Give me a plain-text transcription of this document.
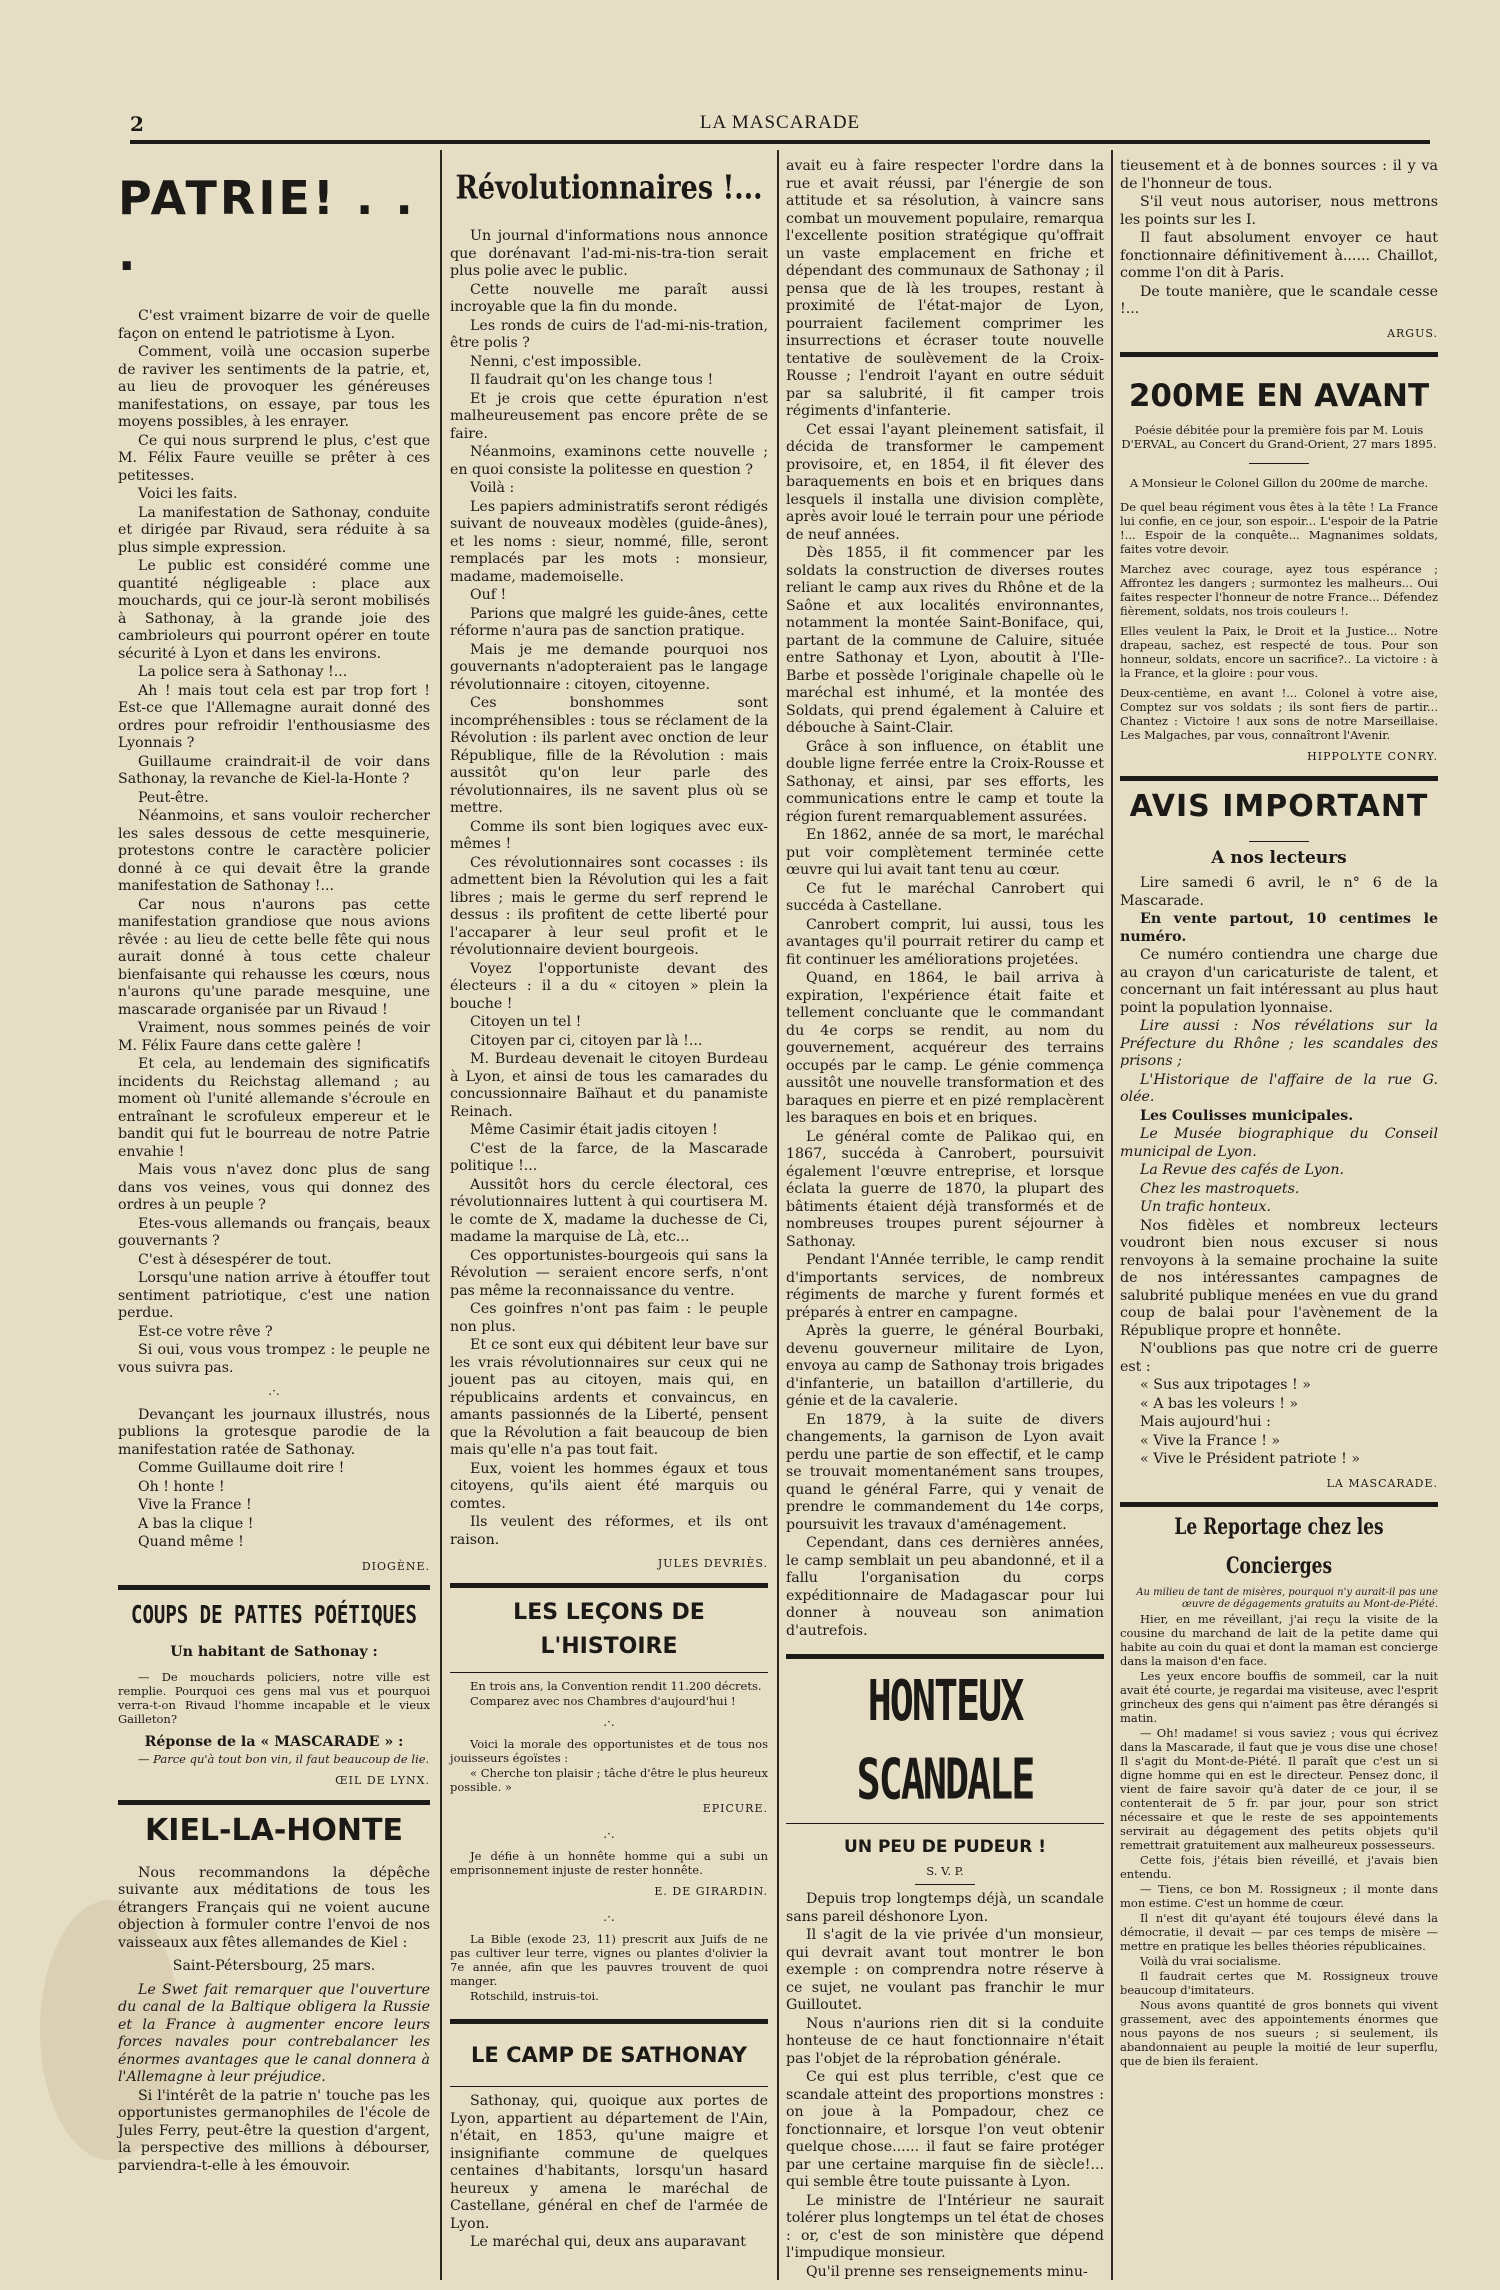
2	LA MASCARADE
PATRIE! . . .

C'est vraiment bizarre de voir de quelle façon on entend le patriotisme à Lyon.

Comment, voilà une occasion superbe de raviver les sentiments de la patrie, et, au lieu de provoquer les généreuses manifestations, on essaye, par tous les moyens possibles, à les enrayer.

Ce qui nous surprend le plus, c'est que M. Félix Faure veuille se prêter à ces petitesses.

Voici les faits.

La manifestation de Sathonay, conduite et dirigée par Rivaud, sera réduite à sa plus simple expression.

Le public est considéré comme une quantité négligeable : place aux mouchards, qui ce jour-là seront mobilisés à Sathonay, à la grande joie des cambrioleurs qui pourront opérer en toute sécurité à Lyon et dans les environs.

La police sera à Sathonay !...

Ah ! mais tout cela est par trop fort ! Est-ce que l'Allemagne aurait donné des ordres pour refroidir l'enthousiasme des Lyonnais ?

Guillaume craindrait-il de voir dans Sathonay, la revanche de Kiel-la-Honte ?

Peut-être.

Néanmoins, et sans vouloir rechercher les sales dessous de cette mesquinerie, protestons contre le caractère policier donné à ce qui devait être la grande manifestation de Sathonay !...

Car nous n'aurons pas cette manifestation grandiose que nous avions rêvée : au lieu de cette belle fête qui nous aurait donné à tous cette chaleur bienfaisante qui rehausse les cœurs, nous n'aurons qu'une parade mesquine, une mascarade organisée par un Rivaud !

Vraiment, nous sommes peinés de voir M. Félix Faure dans cette galère !

Et cela, au lendemain des significatifs incidents du Reichstag allemand ; au moment où l'unité allemande s'écroule en entraînant le scrofuleux empereur et le bandit qui fut le bourreau de notre Patrie envahie !

Mais vous n'avez donc plus de sang dans vos veines, vous qui donnez des ordres à un peuple ?

Etes-vous allemands ou français, beaux gouvernants ?

C'est à désespérer de tout.

Lorsqu'une nation arrive à étouffer tout sentiment patriotique, c'est une nation perdue.

Est-ce votre rêve ?

Si oui, vous vous trompez : le peuple ne vous suivra pas.

.·.

Devançant les journaux illustrés, nous publions la grotesque parodie de la manifestation ratée de Sathonay.

Comme Guillaume doit rire !

Oh ! honte !

Vive la France !

A bas la clique !

Quand même !

DIOGÈNE.
COUPS DE PATTES POÉTIQUES

Un habitant de Sathonay :

— De mouchards policiers, notre ville est remplie. Pourquoi ces gens mal vus et pourquoi verra-t-on Rivaud l'homme incapable et le vieux Gailleton?

Réponse de la « MASCARADE » :

— Parce qu'à tout bon vin, il faut beaucoup de lie.

ŒIL DE LYNX.
KIEL-LA-HONTE

Nous recommandons la dépêche suivante aux méditations de tous les étrangers Français qui ne voient aucune objection à formuler contre l'envoi de nos vaisseaux aux fêtes allemandes de Kiel :

Saint-Pétersbourg, 25 mars.

Le Swet fait remarquer que l'ouverture du canal de la Baltique obligera la Russie et la France à augmenter encore leurs forces navales pour contrebalancer les énormes avantages que le canal donnera à l'Allemagne à leur préjudice.

Si l'intérêt de la patrie n' touche pas les opportunistes germanophiles de l'école de Jules Ferry, peut-être la question d'argent, la perspective des millions à débourser, parviendra-t-elle à les émouvoir.

Révolutionnaires !...

Un journal d'informations nous annonce que dorénavant l'ad-mi-nis-tra-tion serait plus polie avec le public.

Cette nouvelle me paraît aussi incroyable que la fin du monde.

Les ronds de cuirs de l'ad-mi-nis-tration, être polis ?

Nenni, c'est impossible.

Il faudrait qu'on les change tous !

Et je crois que cette épuration n'est malheureusement pas encore prête de se faire.

Néanmoins, examinons cette nouvelle ; en quoi consiste la politesse en question ?

Voilà :

Les papiers administratifs seront rédigés suivant de nouveaux modèles (guide-ânes), et les noms : sieur, nommé, fille, seront remplacés par les mots : monsieur, madame, mademoiselle.

Ouf !

Parions que malgré les guide-ânes, cette réforme n'aura pas de sanction pratique.

Mais je me demande pourquoi nos gouvernants n'adopteraient pas le langage révolutionnaire : citoyen, citoyenne.

Ces bonshommes sont incompréhensibles : tous se réclament de la Révolution : ils parlent avec onction de leur République, fille de la Révolution : mais aussitôt qu'on leur parle des révolutionnaires, ils ne savent plus où se mettre.

Comme ils sont bien logiques avec eux-mêmes !

Ces révolutionnaires sont cocasses : ils admettent bien la Révolution qui les a fait libres ; mais le germe du serf reprend le dessus : ils profitent de cette liberté pour l'accaparer à leur seul profit et le révolutionnaire devient bourgeois.

Voyez l'opportuniste devant des électeurs : il a du « citoyen » plein la bouche !

Citoyen un tel !

Citoyen par ci, citoyen par là !...

M. Burdeau devenait le citoyen Burdeau à Lyon, et ainsi de tous les camarades du concussionnaire Baïhaut et du panamiste Reinach.

Même Casimir était jadis citoyen !

C'est de la farce, de la Mascarade politique !...

Aussitôt hors du cercle électoral, ces révolutionnaires luttent à qui courtisera M. le comte de X, madame la duchesse de Ci, madame la marquise de Là, etc...

Ces opportunistes-bourgeois qui sans la Révolution — seraient encore serfs, n'ont pas même la reconnaissance du ventre.

Ces goinfres n'ont pas faim : le peuple non plus.

Et ce sont eux qui débitent leur bave sur les vrais révolutionnaires sur ceux qui ne jouent pas au citoyen, mais qui, en républicains ardents et convaincus, en amants passionnés de la Liberté, pensent que la Révolution a fait beaucoup de bien mais qu'elle n'a pas tout fait.

Eux, voient les hommes égaux et tous citoyens, qu'ils aient été marquis ou comtes.

Ils veulent des réformes, et ils ont raison.

JULES DEVRIÈS.
LES LEÇONS DE L'HISTOIRE

En trois ans, la Convention rendit 11.200 décrets.

Comparez avec nos Chambres d'aujourd'hui !

.·.

Voici la morale des opportunistes et de tous nos jouisseurs égoïstes :

« Cherche ton plaisir ; tâche d'être le plus heureux possible. »

EPICURE.
.·.

Je défie à un honnête homme qui a subi un emprisonnement injuste de rester honnête.

E. DE GIRARDIN.
.·.

La Bible (exode 23, 11) prescrit aux Juifs de ne pas cultiver leur terre, vignes ou plantes d'olivier la 7e année, afin que les pauvres trouvent de quoi manger.

Rotschild, instruis-toi.

LE CAMP DE SATHONAY

Sathonay, qui, quoique aux portes de Lyon, appartient au département de l'Ain, n'était, en 1853, qu'une maigre et insignifiante commune de quelques centaines d'habitants, lorsqu'un hasard heureux y amena le maréchal de Castellane, général en chef de l'armée de Lyon.

Le maréchal qui, deux ans auparavant

avait eu à faire respecter l'ordre dans la rue et avait réussi, par l'énergie de son attitude et sa résolution, à vaincre sans combat un mouvement populaire, remarqua l'excellente position stratégique qu'offrait un vaste emplacement en friche et dépendant des communaux de Sathonay ; il pensa que de là les troupes, restant à proximité de l'état-major de Lyon, pourraient facilement comprimer les insurrections et écraser toute nouvelle tentative de soulèvement de la Croix-Rousse ; l'endroit l'ayant en outre séduit par sa salubrité, il fit camper trois régiments d'infanterie.

Cet essai l'ayant pleinement satisfait, il décida de transformer le campement provisoire, et, en 1854, il fit élever des baraquements en bois et en briques dans lesquels il installa une division complète, après avoir loué le terrain pour une période de neuf années.

Dès 1855, il fit commencer par les soldats la construction de diverses routes reliant le camp aux rives du Rhône et de la Saône et aux localités environnantes, notamment la montée Saint-Boniface, qui, partant de la commune de Caluire, située entre Sathonay et Lyon, aboutit à l'Ile-Barbe et possède l'originale chapelle où le maréchal est inhumé, et la montée des Soldats, qui prend également à Caluire et débouche à Saint-Clair.

Grâce à son influence, on établit une double ligne ferrée entre la Croix-Rousse et Sathonay, et ainsi, par ses efforts, les communications entre le camp et toute la région furent remarquablement assurées.

En 1862, année de sa mort, le maréchal put voir complètement terminée cette œuvre qui lui avait tant tenu au cœur.

Ce fut le maréchal Canrobert qui succéda à Castellane.

Canrobert comprit, lui aussi, tous les avantages qu'il pourrait retirer du camp et fit continuer les améliorations projetées.

Quand, en 1864, le bail arriva à expiration, l'expérience était faite et tellement concluante que le commandant du 4e corps se rendit, au nom du gouvernement, acquéreur des terrains occupés par le camp. Le génie commença aussitôt une nouvelle transformation et des baraques en pierre et en pizé remplacèrent les baraques en bois et en briques.

Le général comte de Palikao qui, en 1867, succéda à Canrobert, poursuivit également l'œuvre entreprise, et lorsque éclata la guerre de 1870, la plupart des bâtiments étaient déjà transformés et de nombreuses troupes purent séjourner à Sathonay.

Pendant l'Année terrible, le camp rendit d'importants services, de nombreux régiments de marche y furent formés et préparés à entrer en campagne.

Après la guerre, le général Bourbaki, devenu gouverneur militaire de Lyon, envoya au camp de Sathonay trois brigades d'infanterie, un bataillon d'artillerie, du génie et de la cavalerie.

En 1879, à la suite de divers changements, la garnison de Lyon avait perdu une partie de son effectif, et le camp se trouvait momentanément sans troupes, quand le général Farre, qui y venait de prendre le commandement du 14e corps, poursuivit les travaux d'aménagement.

Cependant, dans ces dernières années, le camp semblait un peu abandonné, et il a fallu l'organisation du corps expéditionnaire de Madagascar pour lui donner à nouveau son animation d'autrefois.

HONTEUX SCANDALE
UN PEU DE PUDEUR !

S. V. P.

Depuis trop longtemps déjà, un scandale sans pareil déshonore Lyon.

Il s'agit de la vie privée d'un monsieur, qui devrait avant tout montrer le bon exemple : on comprendra notre réserve à ce sujet, ne voulant pas franchir le mur Guilloutet.

Nous n'aurions rien dit si la conduite honteuse de ce haut fonctionnaire n'était pas l'objet de la réprobation générale.

Ce qui est plus terrible, c'est que ce scandale atteint des proportions monstres : on joue à la Pompadour, chez ce fonctionnaire, et lorsque l'on veut obtenir quelque chose...... il faut se faire protéger par une certaine marquise fin de siècle!... qui semble être toute puissante à Lyon.

Le ministre de l'Intérieur ne saurait tolérer plus longtemps un tel état de choses : or, c'est de son ministère que dépend l'impudique monsieur.

Qu'il prenne ses renseignements minu-

tieusement et à de bonnes sources : il y va de l'honneur de tous.

S'il veut nous autoriser, nous mettrons les points sur les I.

Il faut absolument envoyer ce haut fonctionnaire définitivement à...... Chaillot, comme l'on dit à Paris.

De toute manière, que le scandale cesse !...

ARGUS.
200ME EN AVANT

Poésie débitée pour la première fois par M. Louis D'ERVAL, au Concert du Grand-Orient, 27 mars 1895.

A Monsieur le Colonel Gillon du 200me de marche.

De quel beau régiment vous êtes à la tête ! La France lui confie, en ce jour, son espoir... L'espoir de la Patrie !... Espoir de la conquête... Magnanimes soldats, faites votre devoir.

Marchez avec courage, ayez tous espérance ; Affrontez les dangers ; surmontez les malheurs... Oui faites respecter l'honneur de notre France... Défendez fièrement, soldats, nos trois couleurs !.

Elles veulent la Paix, le Droit et la Justice... Notre drapeau, sachez, est respecté de tous. Pour son honneur, soldats, encore un sacrifice?.. La victoire : à la France, et la gloire : pour vous.

Deux-centième, en avant !... Colonel à votre aise, Comptez sur vos soldats ; ils sont fiers de partir... Chantez : Victoire ! aux sons de notre Marseillaise. Les Malgaches, par vous, connaîtront l'Avenir.

HIPPOLYTE CONRY.
AVIS IMPORTANT

A nos lecteurs

Lire samedi 6 avril, le n° 6 de la Mascarade.

En vente partout, 10 centimes le numéro.

Ce numéro contiendra une charge due au crayon d'un caricaturiste de talent, et concernant un fait intéressant au plus haut point la population lyonnaise.

Lire aussi : Nos révélations sur la Préfecture du Rhône ; les scandales des prisons ;

L'Historique de l'affaire de la rue G. olée.

Les Coulisses municipales.

Le Musée biographique du Conseil municipal de Lyon.

La Revue des cafés de Lyon.

Chez les mastroquets.

Un trafic honteux.

Nos fidèles et nombreux lecteurs voudront bien nous excuser si nous renvoyons à la semaine prochaine la suite de nos intéressantes campagnes de salubrité publique menées en vue du grand coup de balai pour l'avènement de la République propre et honnête.

N'oublions pas que notre cri de guerre est :

« Sus aux tripotages ! »

« A bas les voleurs ! »

Mais aujourd'hui :

« Vive la France ! »

« Vive le Président patriote ! »

LA MASCARADE.
Le Reportage chez les Concierges

Au milieu de tant de misères, pourquoi n'y aurait-il pas une œuvre de dégagements gratuits au Mont-de-Piété.

Hier, en me réveillant, j'ai reçu la visite de la cousine du marchand de lait de la petite dame qui habite au coin du quai et dont la maman est concierge dans la maison d'en face.

Les yeux encore bouffis de sommeil, car la nuit avait été courte, je regardai ma visiteuse, avec l'esprit grincheux des gens qui n'aiment pas être dérangés si matin.

— Oh! madame! si vous saviez ; vous qui écrivez dans la Mascarade, il faut que je vous dise une chose! Il s'agit du Mont-de-Piété. Il paraît que c'est un si digne homme qui en est le directeur. Pensez donc, il vient de faire savoir qu'à dater de ce jour, il se contenterait de 5 fr. par jour, pour son strict nécessaire et que le reste de ses appointements servirait au dégagement des petits objets qu'il remettrait gratuitement aux malheureux possesseurs.

Cette fois, j'étais bien réveillé, et j'avais bien entendu.

— Tiens, ce bon M. Rossigneux ; il monte dans mon estime. C'est un homme de cœur.

Il n'est dit qu'ayant été toujours élevé dans la démocratie, il devait — par ces temps de misère — mettre en pratique les belles théories républicaines.

Voilà du vrai socialisme.

Il faudrait certes que M. Rossigneux trouve beaucoup d'imitateurs.

Nous avons quantité de gros bonnets qui vivent grassement, avec des appointements énormes que nous payons de nos sueurs ; si seulement, ils abandonnaient au peuple la moitié de leur superflu, que de bien ils feraient.
